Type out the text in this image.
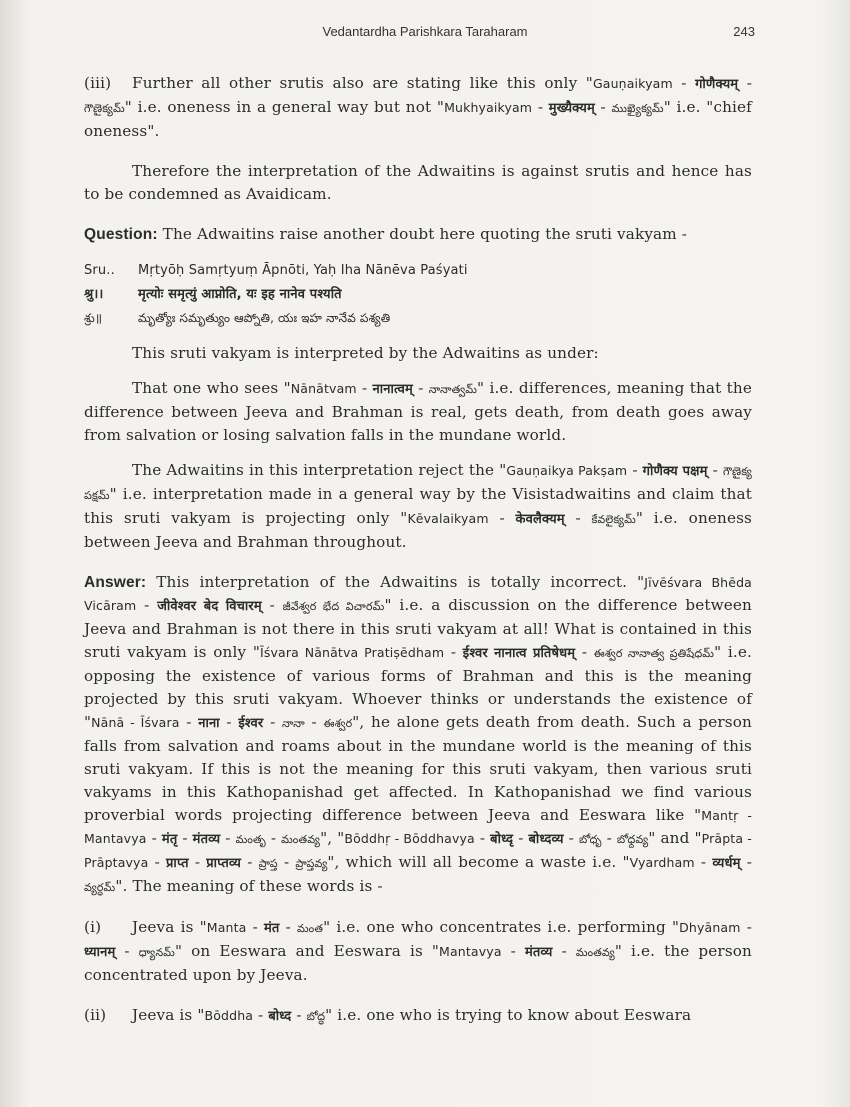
Vedantardha Parishkara Taraharam	243

(iii) Further all other srutis also are stating like this only "Gauṇaikyam - गोणैक्यम् - గౌణైక్యమ్" i.e. oneness in a general way but not "Mukhyaikyam - मुख्यैक्यम् - ముఖ్యైక్యమ్" i.e. "chief oneness".

Therefore the interpretation of the Adwaitins is against srutis and hence has to be condemned as Avaidicam.

Question: The Adwaitins raise another doubt here quoting the sruti vakyam -

Sru..	Mṛtyōḥ Samṛtyuṃ Āpnōti, Yaḥ Iha Nānēva Paśyati
श्रु।।	मृत्योः समृत्युं आप्नोति, यः इह नानेव पश्यति
శ్రు॥	మృత్యోః సమృత్యుం ఆప్నోతి, యః ఇహ నానేవ పశ్యతి

This sruti vakyam is interpreted by the Adwaitins as under:

That one who sees "Nānātvam - नानात्वम् - నానాత్వమ్" i.e. differences, meaning that the difference between Jeeva and Brahman is real, gets death, from death goes away from salvation or losing salvation falls in the mundane world.

The Adwaitins in this interpretation reject the "Gauṇaikya Pakṣam - गोणैक्य पक्षम् - గౌణైక్య పక్షమ్" i.e. interpretation made in a general way by the Visistadwaitins and claim that this sruti vakyam is projecting only "Kēvalaikyam - केवलैक्यम् - కేవలైక్యమ్" i.e. oneness between Jeeva and Brahman throughout.

Answer: This interpretation of the Adwaitins is totally incorrect. "Jīvēśvara Bhēda Vicāram - जीवेश्वर बेद विचारम् - జీవేశ్వర భేద విచారమ్" i.e. a discussion on the difference between Jeeva and Brahman is not there in this sruti vakyam at all! What is contained in this sruti vakyam is only "Īśvara Nānātva Pratiṣēdham - ईश्वर नानात्व प्रतिषेधम् - ఈశ్వర నానాత్వ ప్రతిషేధమ్" i.e. opposing the existence of various forms of Brahman and this is the meaning projected by this sruti vakyam. Whoever thinks or understands the existence of "Nānā - Īśvara - नाना - ईश्वर - నానా - ఈశ్వర", he alone gets death from death. Such a person falls from salvation and roams about in the mundane world is the meaning of this sruti vakyam. If this is not the meaning for this sruti vakyam, then various sruti vakyams in this Kathopanishad get affected. In Kathopanishad we find various proverbial words projecting difference between Jeeva and Eeswara like "Mantṛ - Mantavya - मंतृ - मंतव्य - మంతృ - మంతవ్య", "Bōddhṛ - Bōddhavya - बोध्दृ - बोध्दव्य - బోధృ - బోధ్దవ్య" and "Prāpta - Prāptavya - प्राप्त - प्राप्तव्य - ప్రాప్త - ప్రాప్తవ్య", which will all become a waste i.e. "Vyardham - व्यर्धम् - వ్యర్ధమ్". The meaning of these words is -

(i) Jeeva is "Manta - मंत - మంత" i.e. one who concentrates i.e. performing "Dhyānam - ध्यानम् - ధ్యానమ్" on Eeswara and Eeswara is "Mantavya - मंतव्य - మంతవ్య" i.e. the person concentrated upon by Jeeva.

(ii) Jeeva is "Bōddha - बोध्द - బోద్ధ" i.e. one who is trying to know about Eeswara
